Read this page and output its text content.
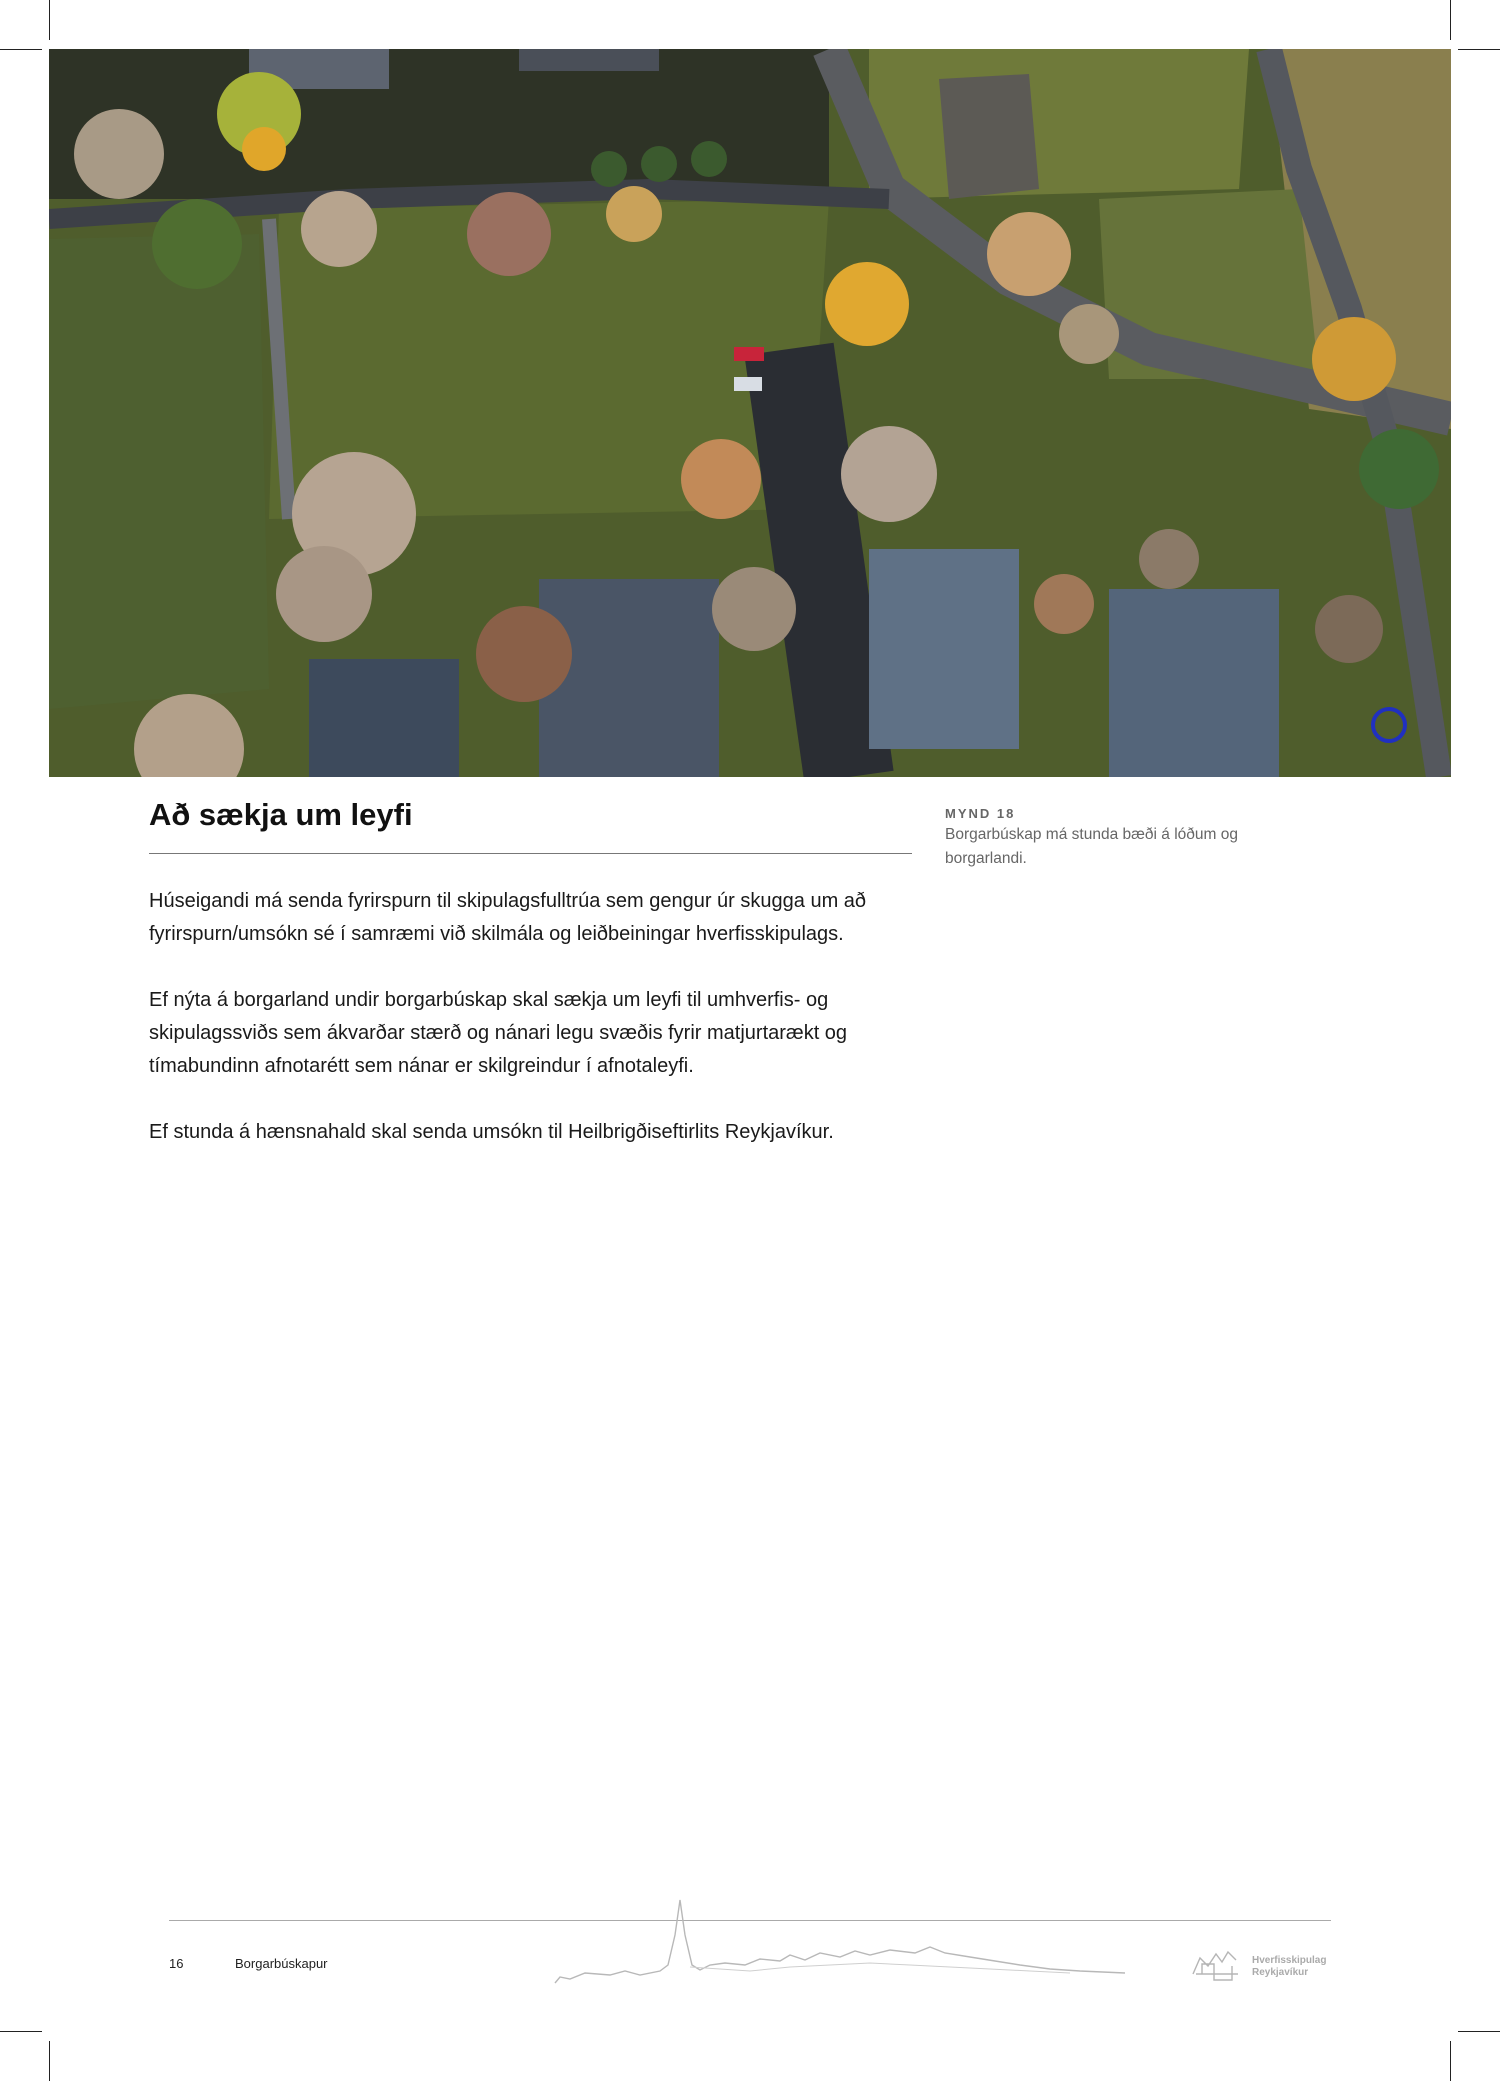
Að sækja um leyfi

Húseigandi má senda fyrirspurn til skipulagsfulltrúa sem gengur úr skugga um að fyrirspurn/umsókn sé í samræmi við skilmála og leiðbeiningar hverfisskipulags.

Ef nýta á borgarland undir borgarbúskap skal sækja um leyfi til umhverfis- og skipulagssviðs sem ákvarðar stærð og nánari legu svæðis fyrir matjurtarækt og tímabundinn afnotarétt sem nánar er skilgreindur í afnotaleyfi.

Ef stunda á hænsnahald skal senda umsókn til Heilbrigðiseftirlits Reykjavíkur.

MYND 18
Borgarbúskap má stunda bæði á lóðum og borgarlandi.
16	Borgarbúskapur	Hverfisskipulag
Reykjavíkur
